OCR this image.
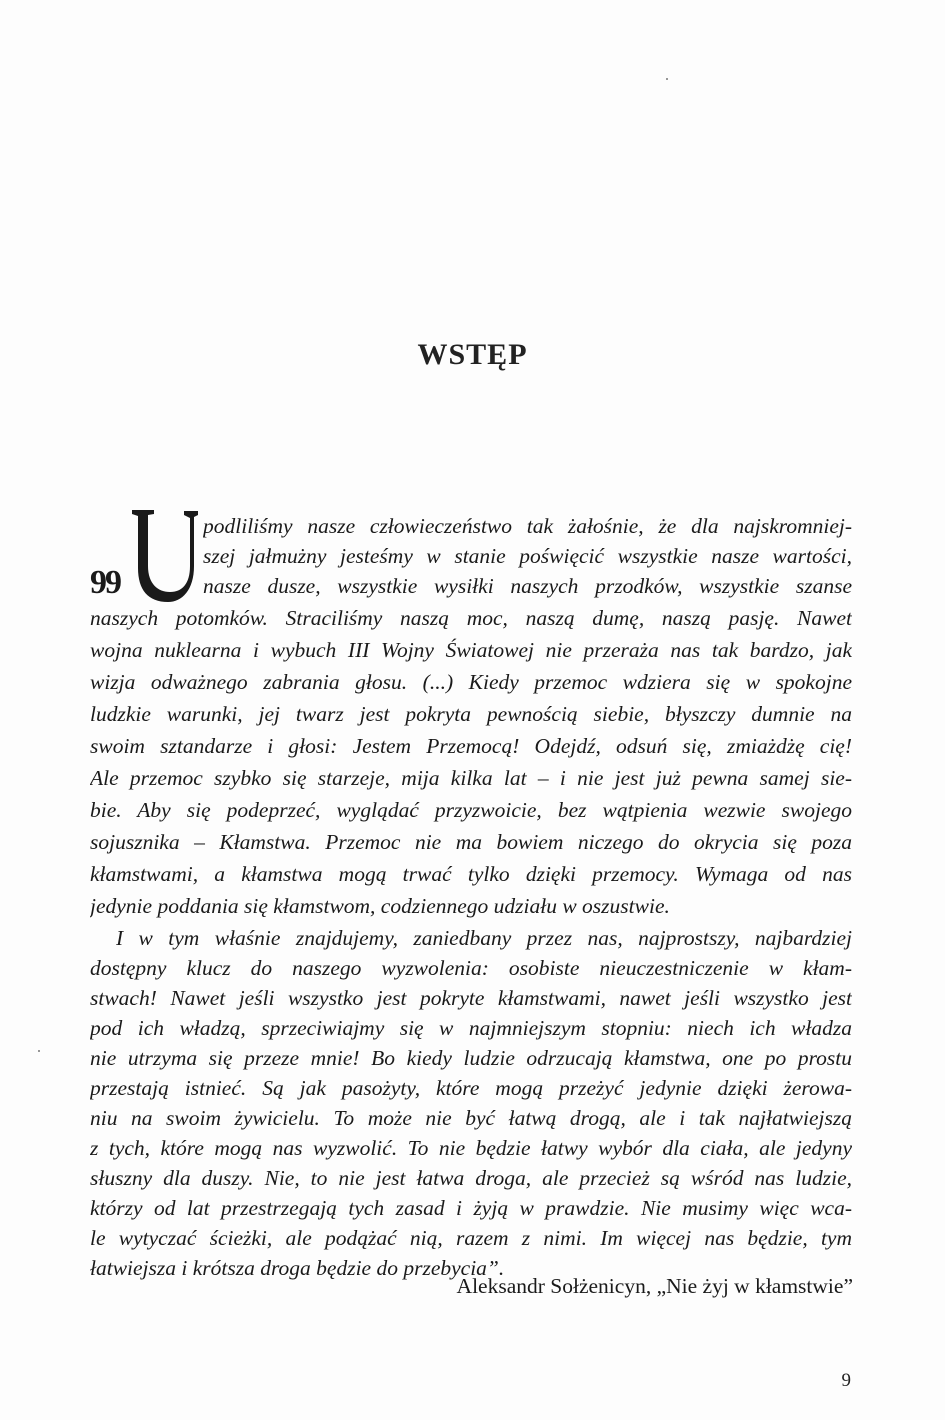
WSTĘP
99
podliliśmy nasze człowieczeństwo tak żałośnie, że dla najskromniej-
szej jałmużny jesteśmy w stanie poświęcić wszystkie nasze wartości,
nasze dusze, wszystkie wysiłki naszych przodków, wszystkie szanse
naszych potomków. Straciliśmy naszą moc, naszą dumę, naszą pasję. Nawet
wojna nuklearna i wybuch III Wojny Światowej nie przeraża nas tak bardzo, jak
wizja odważnego zabrania głosu. (...) Kiedy przemoc wdziera się w spokojne
ludzkie warunki, jej twarz jest pokryta pewnością siebie, błyszczy dumnie na
swoim sztandarze i głosi: Jestem Przemocą! Odejdź, odsuń się, zmiażdżę cię!
Ale przemoc szybko się starzeje, mija kilka lat – i nie jest już pewna samej sie-
bie. Aby się podeprzeć, wyglądać przyzwoicie, bez wątpienia wezwie swojego
sojusznika – Kłamstwa. Przemoc nie ma bowiem niczego do okrycia się poza
kłamstwami, a kłamstwa mogą trwać tylko dzięki przemocy. Wymaga od nas
jedynie poddania się kłamstwom, codziennego udziału w oszustwie.
I w tym właśnie znajdujemy, zaniedbany przez nas, najprostszy, najbardziej
dostępny klucz do naszego wyzwolenia: osobiste nieuczestniczenie w kłam-
stwach! Nawet jeśli wszystko jest pokryte kłamstwami, nawet jeśli wszystko jest
pod ich władzą, sprzeciwiajmy się w najmniejszym stopniu: niech ich władza
nie utrzyma się przeze mnie! Bo kiedy ludzie odrzucają kłamstwa, one po prostu
przestają istnieć. Są jak pasożyty, które mogą przeżyć jedynie dzięki żerowa-
niu na swoim żywicielu. To może nie być łatwą drogą, ale i tak najłatwiejszą
z tych, które mogą nas wyzwolić. To nie będzie łatwy wybór dla ciała, ale jedyny
słuszny dla duszy. Nie, to nie jest łatwa droga, ale przecież są wśród nas ludzie,
którzy od lat przestrzegają tych zasad i żyją w prawdzie. Nie musimy więc wca-
le wytyczać ścieżki, ale podążać nią, razem z nimi. Im więcej nas będzie, tym
łatwiejsza i krótsza droga będzie do przebycia”.
Aleksandr Sołżenicyn, „Nie żyj w kłamstwie”
9
